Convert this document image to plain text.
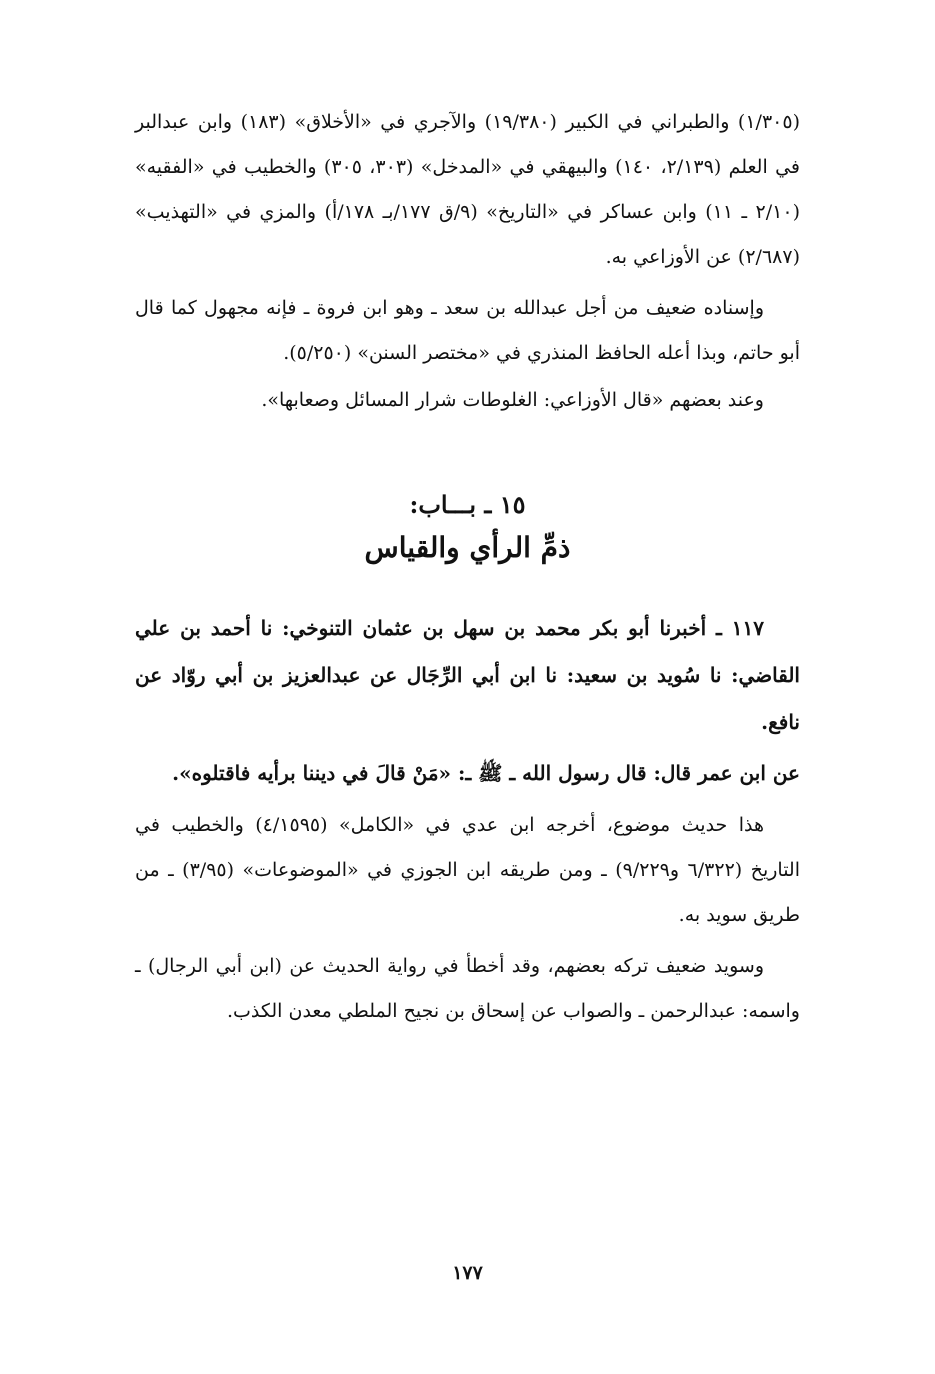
(١/٣٠٥) والطبراني في الكبير (١٩/٣٨٠) والآجري في «الأخلاق» (١٨٣) وابن عبدالبر في العلم (٢/١٣٩، ١٤٠) والبيهقي في «المدخل» (٣٠٣، ٣٠٥) والخطيب في «الفقيه» (٢/١٠ ـ ١١) وابن عساكر في «التاريخ» (٩/ق ١٧٧/بـ ١٧٨/أ) والمزي في «التهذيب» (٢/٦٨٧) عن الأوزاعي به.

وإسناده ضعيف من أجل عبدالله بن سعد ـ وهو ابن فروة ـ فإنه مجهول كما قال أبو حاتم، وبذا أعله الحافظ المنذري في «مختصر السنن» (٥/٢٥٠).

وعند بعضهم «قال الأوزاعي: الغلوطات شرار المسائل وصعابها».

١٥ ـ بـــاب:
ذمِّ الرأي والقياس

١١٧ ـ أخبرنا أبو بكر محمد بن سهل بن عثمان التنوخي: نا أحمد بن علي القاضي: نا سُويد بن سعيد: نا ابن أبي الرِّجَال عن عبدالعزيز بن أبي روّاد عن نافع.

عن ابن عمر قال: قال رسول الله ـ ﷺ ـ: «مَنْ قالَ في ديننا برأيه فاقتلوه».

هذا حديث موضوع، أخرجه ابن عدي في «الكامل» (٤/١٥٩٥) والخطيب في التاريخ (٦/٣٢٢ و٩/٢٢٩) ـ ومن طريقه ابن الجوزي في «الموضوعات» (٣/٩٥) ـ من طريق سويد به.

وسويد ضعيف تركه بعضهم، وقد أخطأ في رواية الحديث عن (ابن أبي الرجال) ـ واسمه: عبدالرحمن ـ والصواب عن إسحاق بن نجيح الملطي معدن الكذب.

١٧٧
